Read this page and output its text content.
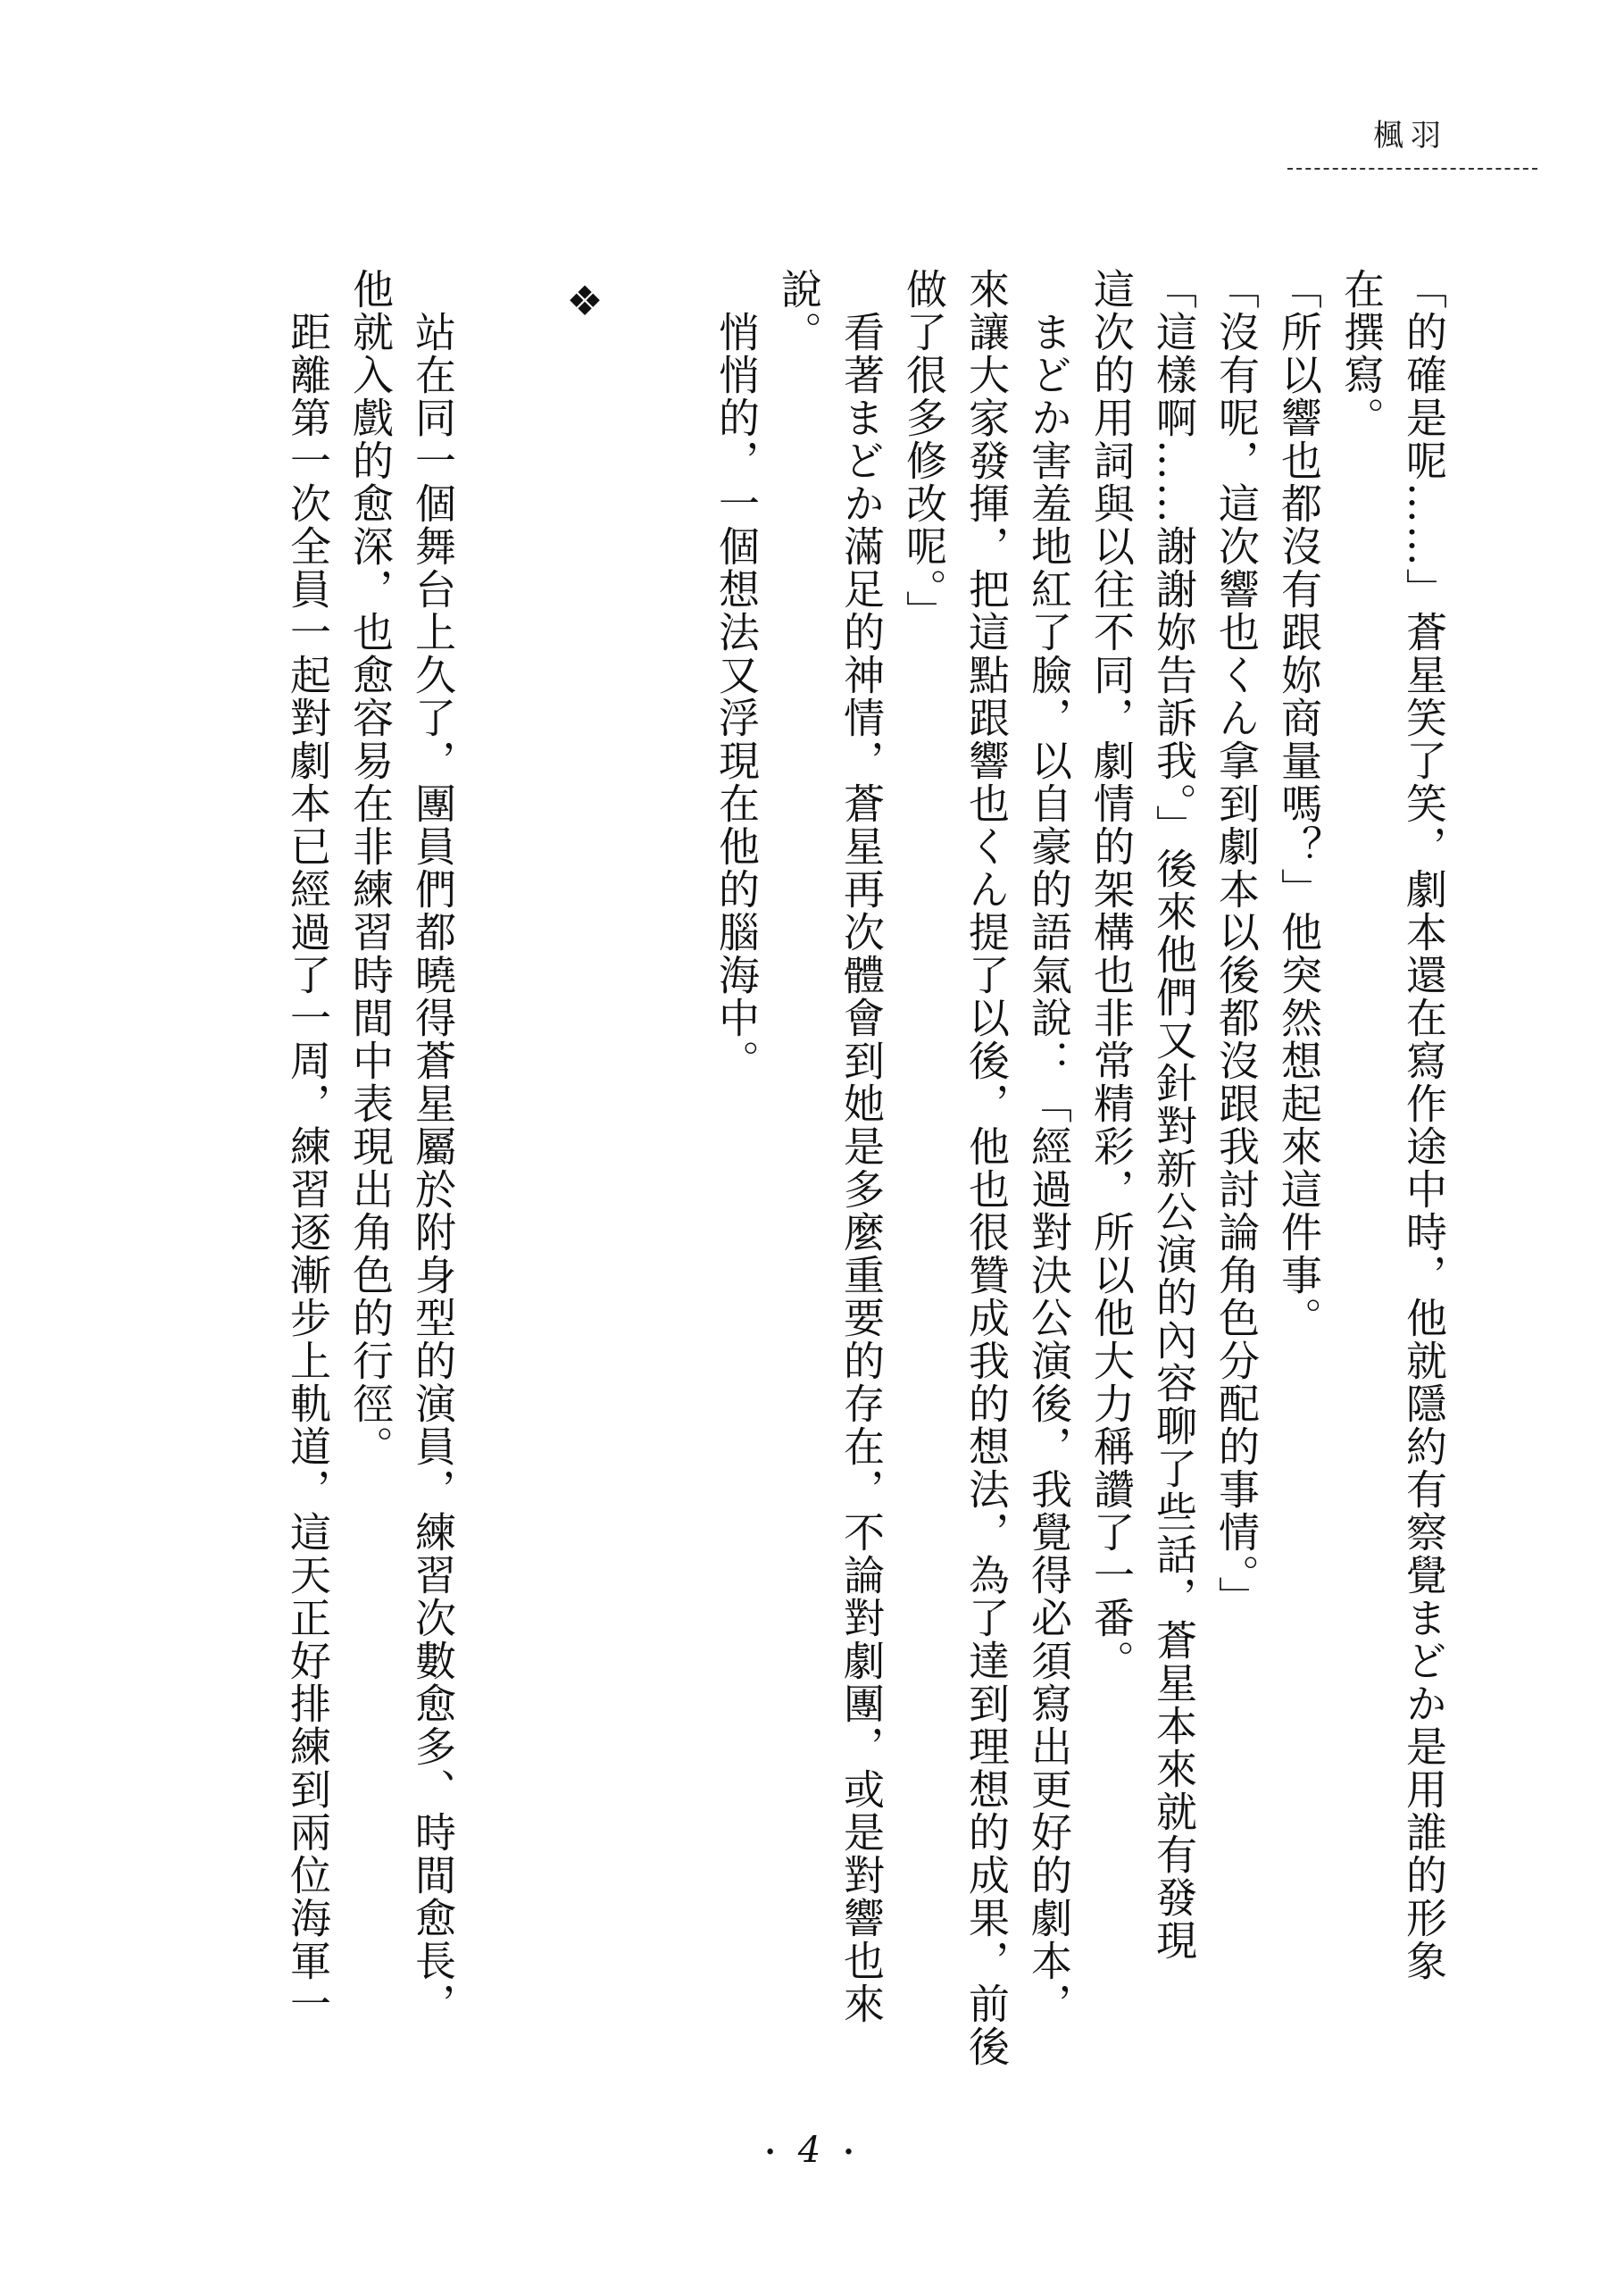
楓羽
「的確是呢……」蒼星笑了笑，劇本還在寫作途中時，他就隱約有察覺まどか是用誰的形象
在撰寫。
「所以響也都沒有跟妳商量嗎？」他突然想起來這件事。
「沒有呢，這次響也くん拿到劇本以後都沒跟我討論角色分配的事情。」
「這樣啊……謝謝妳告訴我。」後來他們又針對新公演的內容聊了些話，蒼星本來就有發現
這次的用詞與以往不同，劇情的架構也非常精彩，所以他大力稱讚了一番。
　まどか害羞地紅了臉，以自豪的語氣說：「經過對決公演後，我覺得必須寫出更好的劇本，
來讓大家發揮，把這點跟響也くん提了以後，他也很贊成我的想法，為了達到理想的成果，前後
做了很多修改呢。」
　看著まどか滿足的神情，蒼星再次體會到她是多麼重要的存在，不論對劇團，或是對響也來
說。
　悄悄的，一個想法又浮現在他的腦海中。
❖
　站在同一個舞台上久了，團員們都曉得蒼星屬於附身型的演員，練習次數愈多、時間愈長，
他就入戲的愈深，也愈容易在非練習時間中表現出角色的行徑。
　距離第一次全員一起對劇本已經過了一周，練習逐漸步上軌道，這天正好排練到兩位海軍一
• 4 •
